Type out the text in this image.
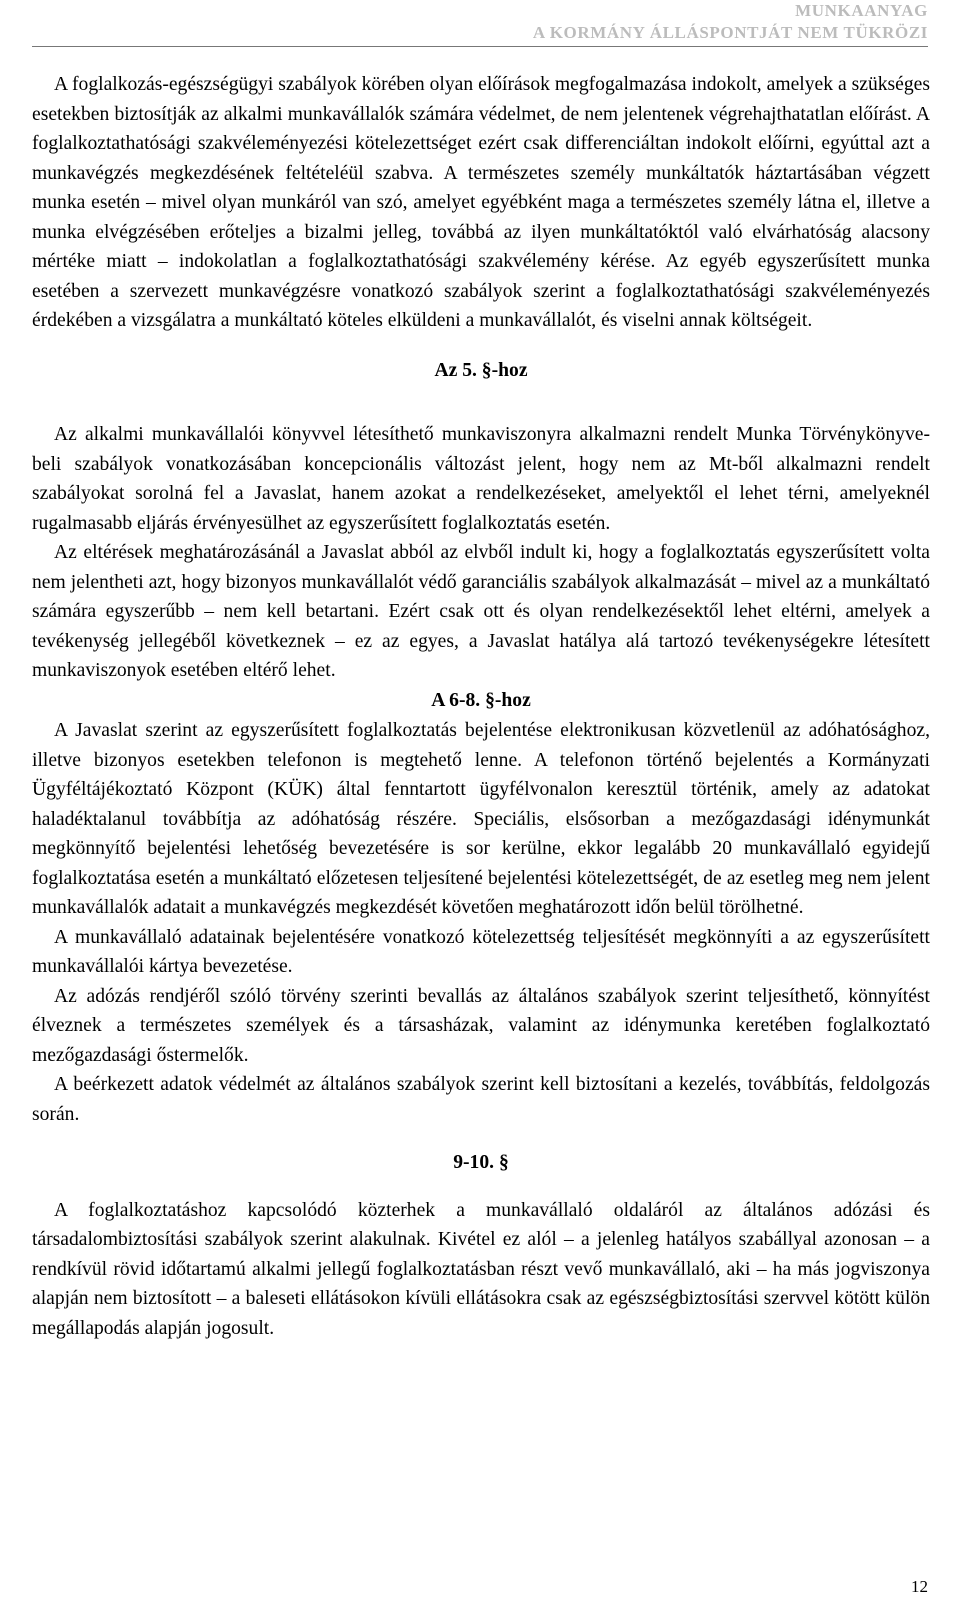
MUNKAANYAG
A KORMÁNY ÁLLÁSPONTJÁT NEM TÜKRÖZI

A foglalkozás-egészségügyi szabályok körében olyan előírások megfogalmazása indokolt, amelyek a szükséges esetekben biztosítják az alkalmi munkavállalók számára védelmet, de nem jelentenek végrehajthatatlan előírást. A foglalkoztathatósági szakvéleményezési kötelezettséget ezért csak differenciáltan indokolt előírni, egyúttal azt a munkavégzés megkezdésének feltételéül szabva. A természetes személy munkáltatók háztartásában végzett munka esetén – mivel olyan munkáról van szó, amelyet egyébként maga a természetes személy látna el, illetve a munka elvégzésében erőteljes a bizalmi jelleg, továbbá az ilyen munkáltatóktól való elvárhatóság alacsony mértéke miatt – indokolatlan a foglalkoztathatósági szakvélemény kérése. Az egyéb egyszerűsített munka esetében a szervezett munkavégzésre vonatkozó szabályok szerint a foglalkoztathatósági szakvéleményezés érdekében a vizsgálatra a munkáltató köteles elküldeni a munkavállalót, és viselni annak költségeit.

Az 5. §-hoz

Az alkalmi munkavállalói könyvvel létesíthető munkaviszonyra alkalmazni rendelt Munka Törvénykönyve-beli szabályok vonatkozásában koncepcionális változást jelent, hogy nem az Mt-ből alkalmazni rendelt szabályokat sorolná fel a Javaslat, hanem azokat a rendelkezéseket, amelyektől el lehet térni, amelyeknél rugalmasabb eljárás érvényesülhet az egyszerűsített foglalkoztatás esetén.

Az eltérések meghatározásánál a Javaslat abból az elvből indult ki, hogy a foglalkoztatás egyszerűsített volta nem jelentheti azt, hogy bizonyos munkavállalót védő garanciális szabályok alkalmazását – mivel az a munkáltató számára egyszerűbb – nem kell betartani. Ezért csak ott és olyan rendelkezésektől lehet eltérni, amelyek a tevékenység jellegéből következnek – ez az egyes, a Javaslat hatálya alá tartozó tevékenységekre létesített munkaviszonyok esetében eltérő lehet.

A 6-8. §-hoz

A Javaslat szerint az egyszerűsített foglalkoztatás bejelentése elektronikusan közvetlenül az adóhatósághoz, illetve bizonyos esetekben telefonon is megtehető lenne. A telefonon történő bejelentés a Kormányzati Ügyféltájékoztató Központ (KÜK) által fenntartott ügyfélvonalon keresztül történik, amely az adatokat haladéktalanul továbbítja az adóhatóság részére. Speciális, elsősorban a mezőgazdasági idénymunkát megkönnyítő bejelentési lehetőség bevezetésére is sor kerülne, ekkor legalább 20 munkavállaló egyidejű foglalkoztatása esetén a munkáltató előzetesen teljesítené bejelentési kötelezettségét, de az esetleg meg nem jelent munkavállalók adatait a munkavégzés megkezdését követően meghatározott időn belül törölhetné.

A munkavállaló adatainak bejelentésére vonatkozó kötelezettség teljesítését megkönnyíti a az egyszerűsített munkavállalói kártya bevezetése.

Az adózás rendjéről szóló törvény szerinti bevallás az általános szabályok szerint teljesíthető, könnyítést élveznek a természetes személyek és a társasházak, valamint az idénymunka keretében foglalkoztató mezőgazdasági őstermelők.

A beérkezett adatok védelmét az általános szabályok szerint kell biztosítani a kezelés, továbbítás, feldolgozás során.

9-10. §

A foglalkoztatáshoz kapcsolódó közterhek a munkavállaló oldaláról az általános adózási és társadalombiztosítási szabályok szerint alakulnak. Kivétel ez alól – a jelenleg hatályos szabállyal azonosan – a rendkívül rövid időtartamú alkalmi jellegű foglalkoztatásban részt vevő munkavállaló, aki – ha más jogviszonya alapján nem biztosított – a baleseti ellátásokon kívüli ellátásokra csak az egészségbiztosítási szervvel kötött külön megállapodás alapján jogosult.

12
